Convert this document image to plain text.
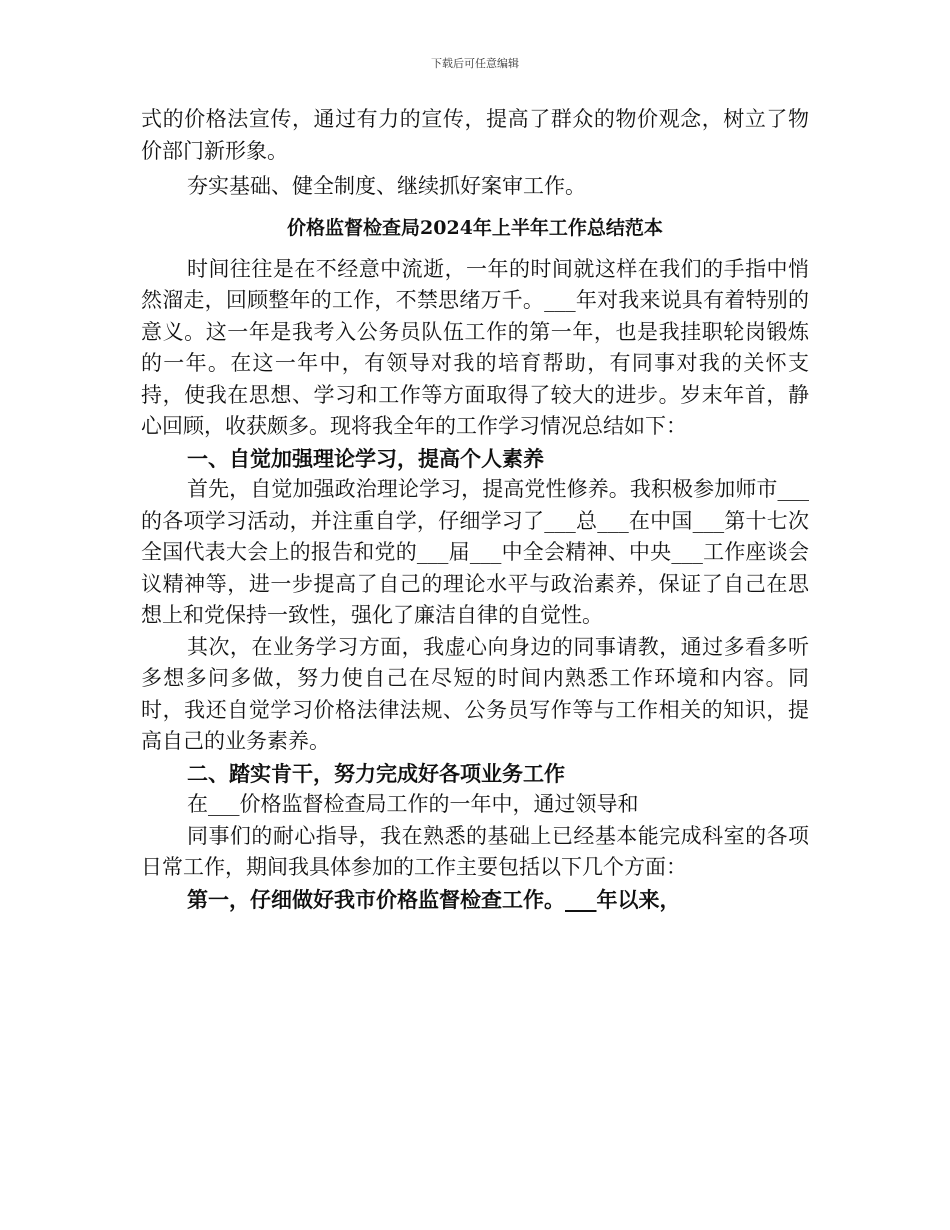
下载后可任意编辑

式的价格法宣传，通过有力的宣传，提高了群众的物价观念，树立了物价部门新形象。

夯实基础、健全制度、继续抓好案审工作。

价格监督检查局2024年上半年工作总结范本

时间往往是在不经意中流逝，一年的时间就这样在我们的手指中悄然溜走，回顾整年的工作，不禁思绪万千。___年对我来说具有着特别的意义。这一年是我考入公务员队伍工作的第一年，也是我挂职轮岗锻炼的一年。在这一年中，有领导对我的培育帮助，有同事对我的关怀支持，使我在思想、学习和工作等方面取得了较大的进步。岁末年首，静心回顾，收获颇多。现将我全年的工作学习情况总结如下：

一、自觉加强理论学习，提高个人素养

首先，自觉加强政治理论学习，提高党性修养。我积极参加师市___的各项学习活动，并注重自学，仔细学习了___总___在中国___第十七次全国代表大会上的报告和党的___届___中全会精神、中央___工作座谈会议精神等，进一步提高了自己的理论水平与政治素养，保证了自己在思想上和党保持一致性，强化了廉洁自律的自觉性。

其次，在业务学习方面，我虚心向身边的同事请教，通过多看多听多想多问多做，努力使自己在尽短的时间内熟悉工作环境和内容。同时，我还自觉学习价格法律法规、公务员写作等与工作相关的知识，提高自己的业务素养。

二、踏实肯干，努力完成好各项业务工作

在___价格监督检查局工作的一年中，通过领导和

同事们的耐心指导，我在熟悉的基础上已经基本能完成科室的各项日常工作，期间我具体参加的工作主要包括以下几个方面：

第一，仔细做好我市价格监督检查工作。___年以来，
